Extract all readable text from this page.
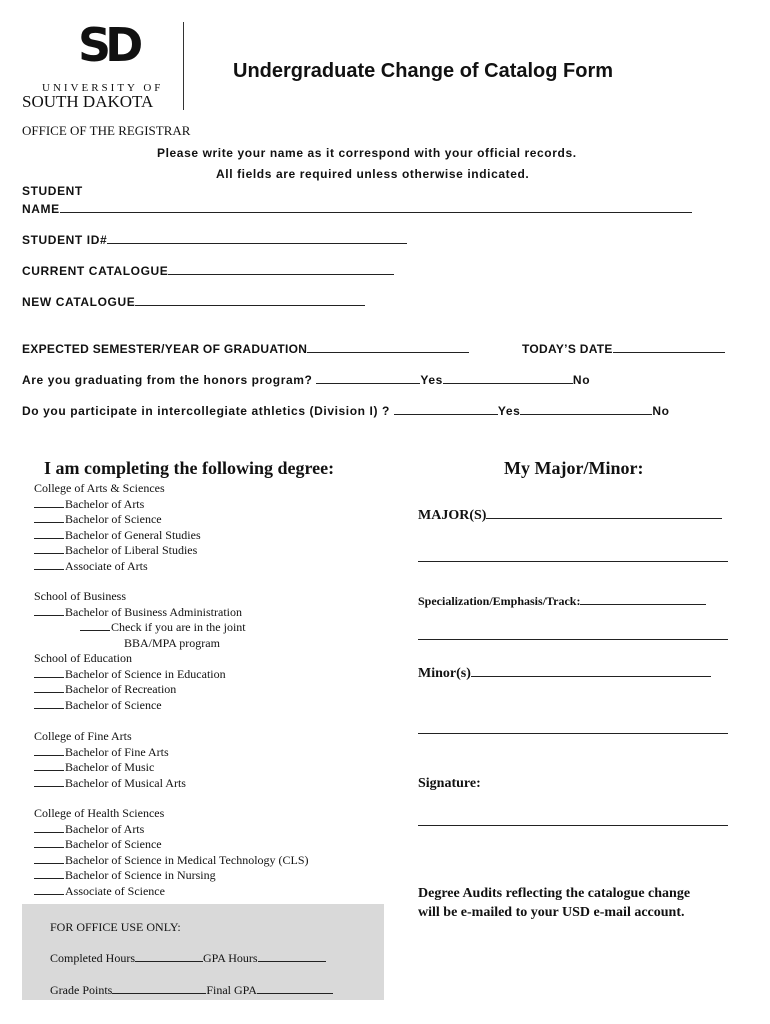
SD
UNIVERSITY OF
SOUTH DAKOTA
Undergraduate Change of Catalog Form
OFFICE OF THE REGISTRAR
Please write your name as it correspond with your official records.
All fields are required unless otherwise indicated.
STUDENT
NAME
STUDENT ID#
CURRENT CATALOGUE
NEW CATALOGUE
EXPECTED SEMESTER/YEAR OF GRADUATION	TODAY’S DATE
Are you graduating from the honors program?	Yes	No
Do you participate in intercollegiate athletics (Division I) ?	Yes	No
I am completing the following degree:
College of Arts & Sciences
Bachelor of Arts
Bachelor of Science
Bachelor of General Studies
Bachelor of Liberal Studies
Associate of Arts
School of Business
Bachelor of Business Administration
Check if you are in the joint
BBA/MPA program
School of Education
Bachelor of Science in Education
Bachelor of Recreation
Bachelor of Science
College of Fine Arts
Bachelor of Fine Arts
Bachelor of Music
Bachelor of Musical Arts
College of Health Sciences
Bachelor of Arts
Bachelor of Science
Bachelor of Science in Medical Technology (CLS)
Bachelor of Science in Nursing
Associate of Science
FOR OFFICE USE ONLY:
Completed Hours	GPA Hours
Grade Points	Final GPA
My Major/Minor:
MAJOR(S)
Specialization/Emphasis/Track:
Minor(s)
Signature:
Degree Audits reflecting the catalogue change
will be e-mailed to your USD e-mail account.
